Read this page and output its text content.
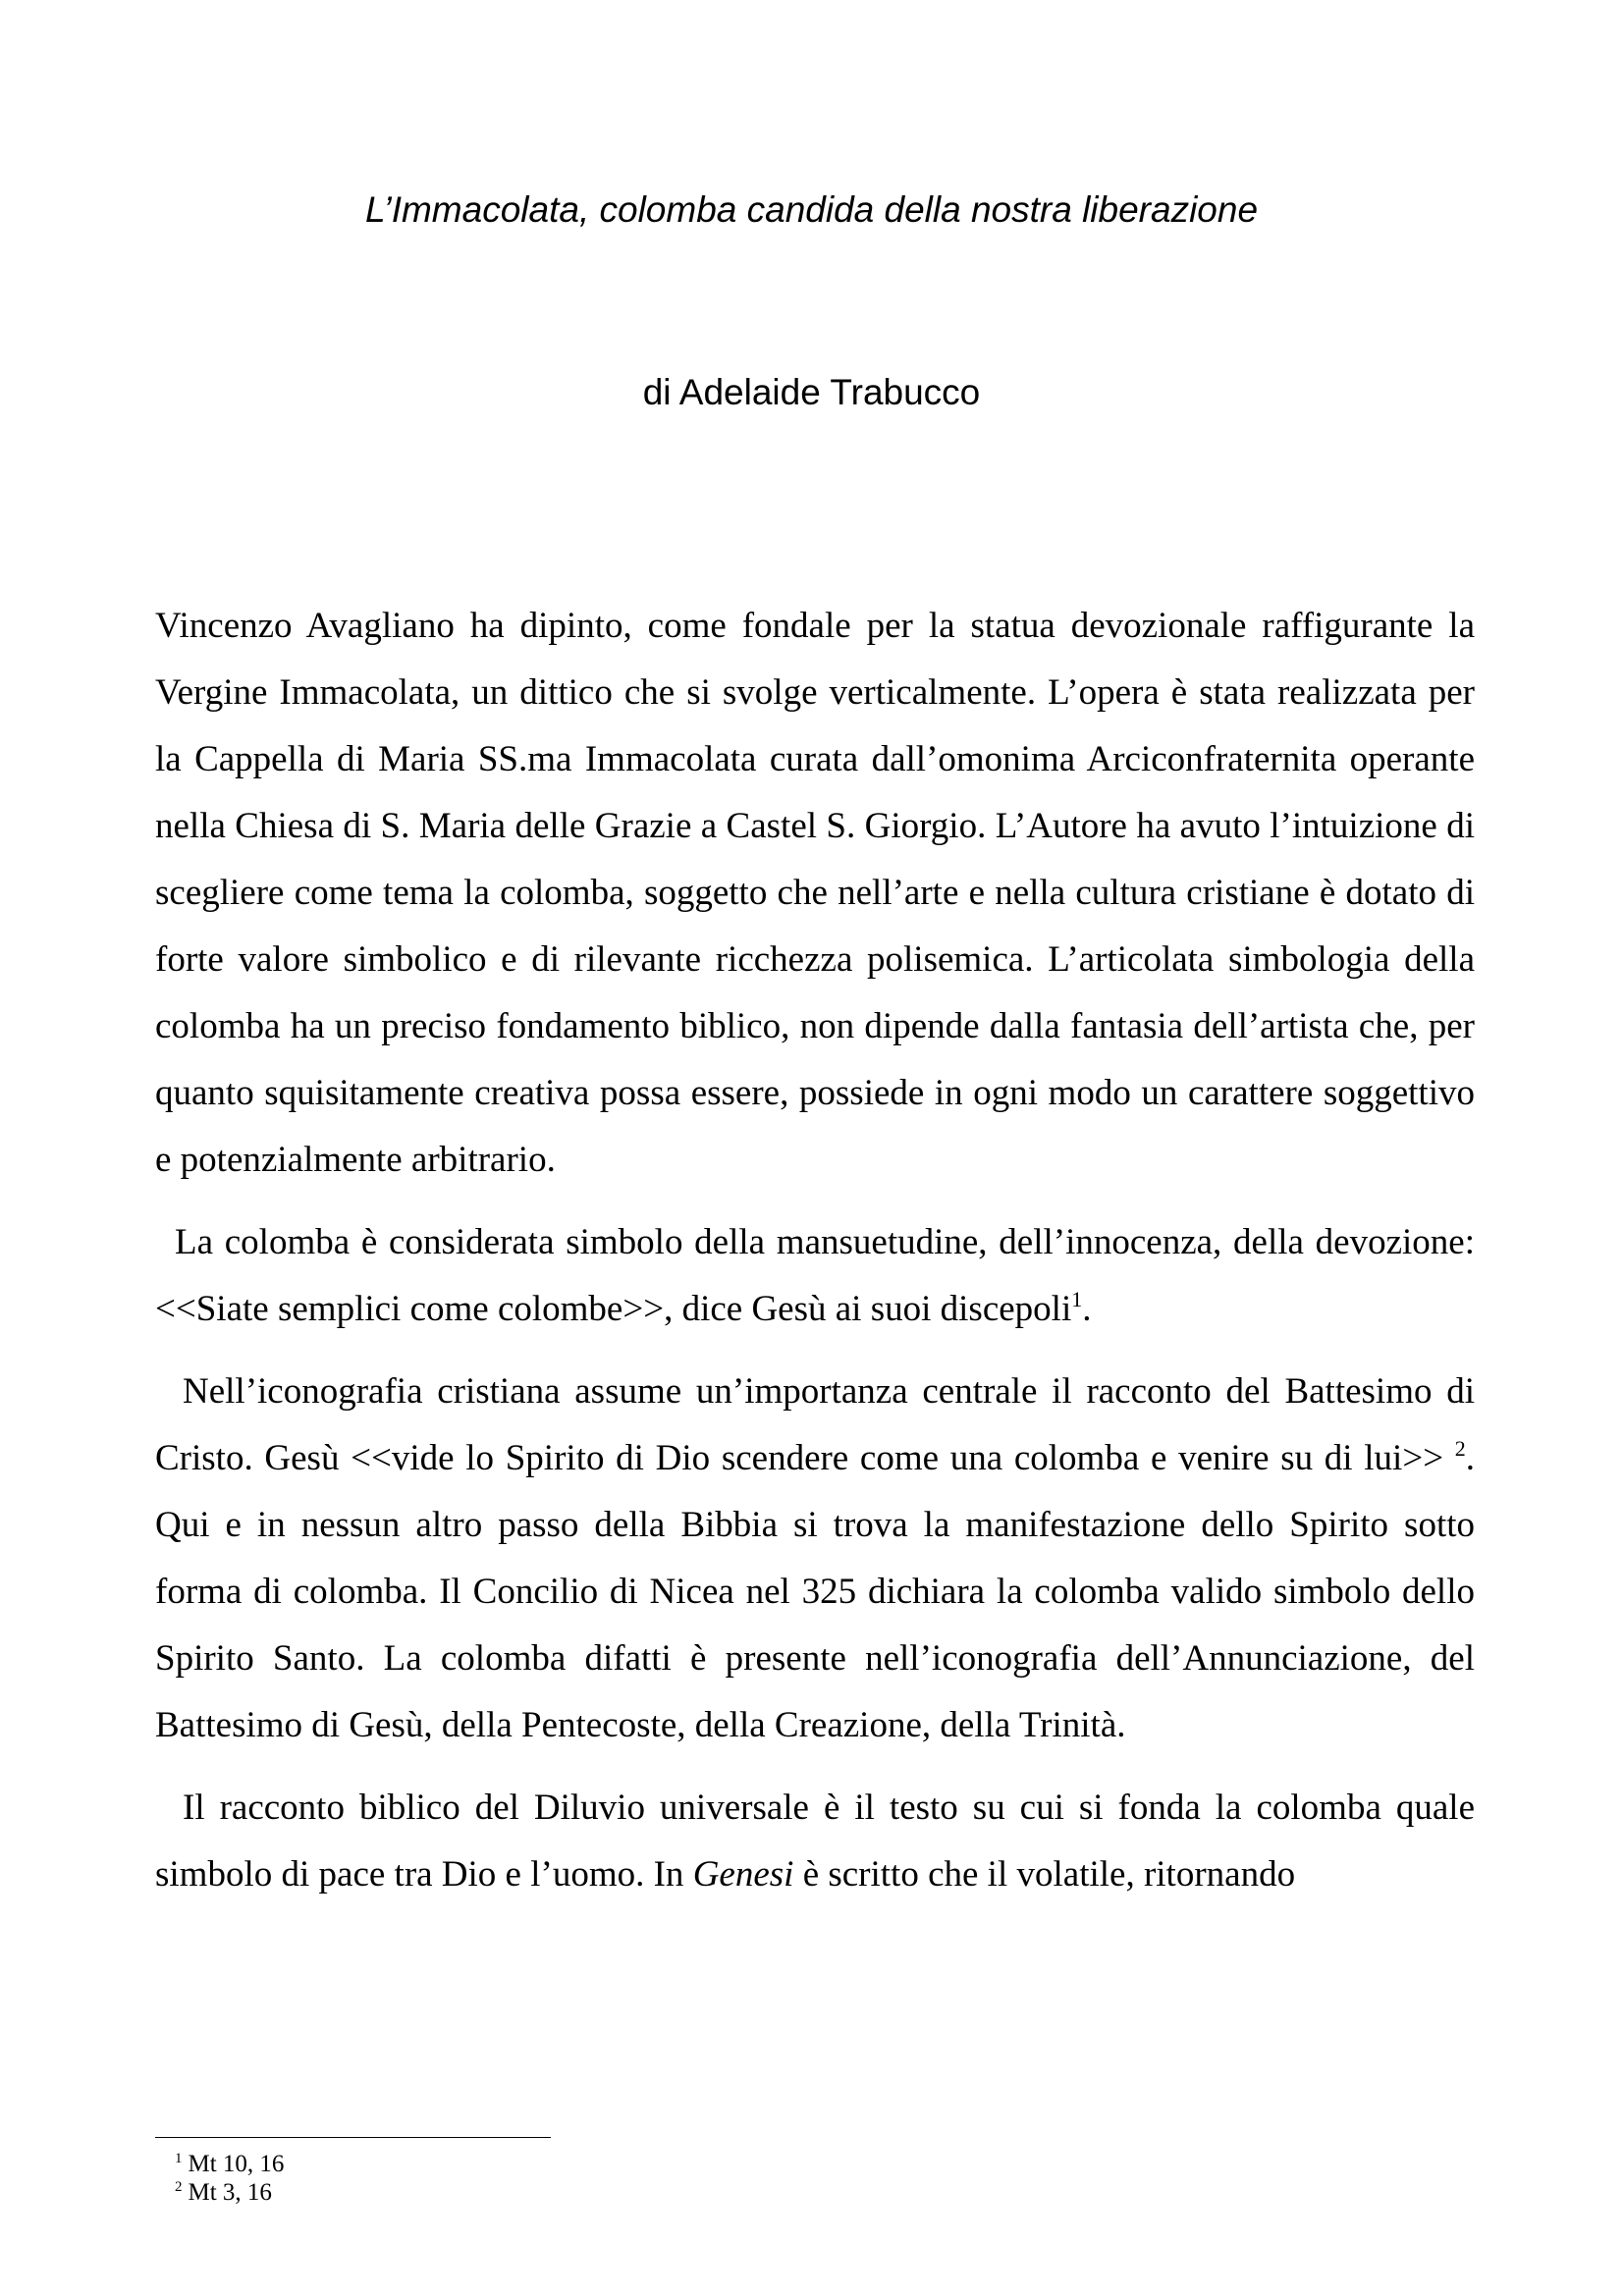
L’Immacolata, colomba candida della nostra liberazione
di Adelaide Trabucco

Vincenzo Avagliano ha dipinto, come fondale per la statua devozionale raffigurante la Vergine Immacolata, un dittico che si svolge verticalmente. L’opera è stata realizzata per la Cappella di Maria SS.ma Immacolata curata dall’omonima Arciconfraternita operante nella Chiesa di S. Maria delle Grazie a Castel S. Giorgio. L’Autore ha avuto l’intuizione di scegliere come tema la colomba, soggetto che nell’arte e nella cultura cristiane è dotato di forte valore simbolico e di rilevante ricchezza polisemica. L’articolata simbologia della colomba ha un preciso fondamento biblico, non dipende dalla fantasia dell’artista che, per quanto squisitamente creativa possa essere, possiede in ogni modo un carattere soggettivo e potenzialmente arbitrario.

La colomba è considerata simbolo della mansuetudine, dell’innocenza, della devozione: <<Siate semplici come colombe>>, dice Gesù ai suoi discepoli$^1$.

Nell’iconografia cristiana assume un’importanza centrale il racconto del Battesimo di Cristo. Gesù <<vide lo Spirito di Dio scendere come una colomba e venire su di lui>> $^2$. Qui e in nessun altro passo della Bibbia si trova la manifestazione dello Spirito sotto forma di colomba. Il Concilio di Nicea nel 325 dichiara la colomba valido simbolo dello Spirito Santo. La colomba difatti è presente nell’iconografia dell’Annunciazione, del Battesimo di Gesù, della Pentecoste, della Creazione, della Trinità.

Il racconto biblico del Diluvio universale è il testo su cui si fonda la colomba quale simbolo di pace tra Dio e l’uomo. In Genesi è scritto che il volatile, ritornando

$^1$ Mt 10, 16
$^2$ Mt 3, 16
